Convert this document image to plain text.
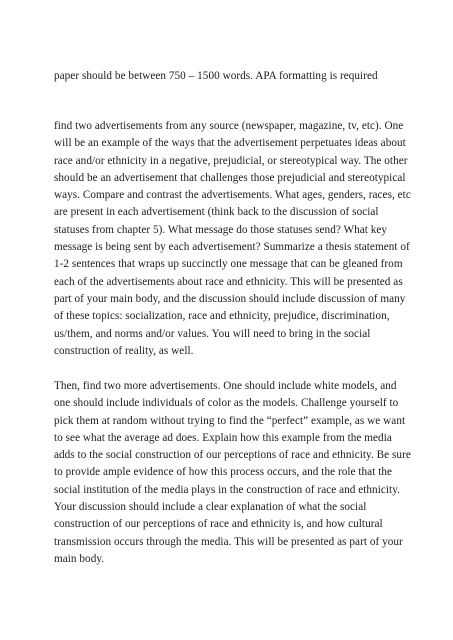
paper should be between 750 – 1500 words. APA formatting is required

find two advertisements from any source (newspaper, magazine, tv, etc). One will be an example of the ways that the advertisement perpetuates ideas about race and/or ethnicity in a negative, prejudicial, or stereotypical way. The other should be an advertisement that challenges those prejudicial and stereotypical ways. Compare and contrast the advertisements. What ages, genders, races, etc are present in each advertisement (think back to the discussion of social statuses from chapter 5). What message do those statuses send? What key message is being sent by each advertisement? Summarize a thesis statement of 1-2 sentences that wraps up succinctly one message that can be gleaned from each of the advertisements about race and ethnicity. This will be presented as part of your main body, and the discussion should include discussion of many of these topics: socialization, race and ethnicity, prejudice, discrimination, us/them, and norms and/or values. You will need to bring in the social construction of reality, as well.

Then, find two more advertisements. One should include white models, and one should include individuals of color as the models. Challenge yourself to pick them at random without trying to find the “perfect” example, as we want to see what the average ad does. Explain how this example from the media adds to the social construction of our perceptions of race and ethnicity. Be sure to provide ample evidence of how this process occurs, and the role that the social institution of the media plays in the construction of race and ethnicity. Your discussion should include a clear explanation of what the social construction of our perceptions of race and ethnicity is, and how cultural transmission occurs through the media. This will be presented as part of your main body.
